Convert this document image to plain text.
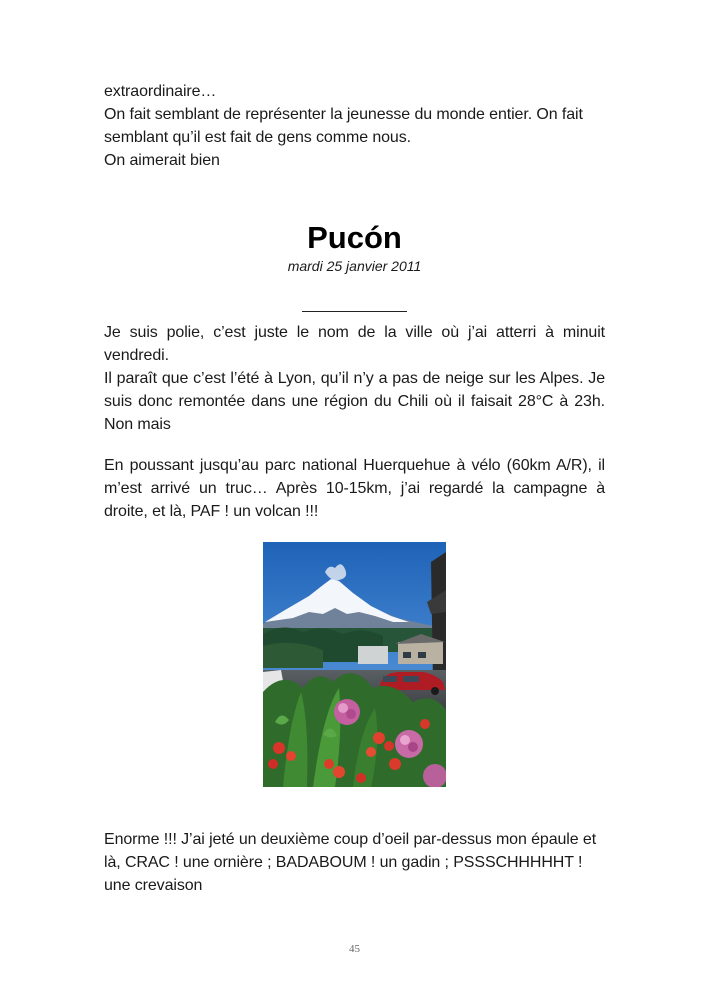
extraordinaire…
On fait semblant de représenter la jeunesse du monde entier. On fait
semblant qu’il est fait de gens comme nous.
On aimerait bien
Pucón
mardi 25 janvier 2011
Je suis polie, c’est juste le nom de la ville où j’ai atterri à minuit
vendredi.
Il paraît que c’est l’été à Lyon, qu’il n’y a pas de neige sur les Alpes. Je
suis donc remontée dans une région du Chili où il faisait 28°C à 23h.
Non mais
En poussant jusqu’au parc national Huerquehue à vélo (60km A/R), il
m’est arrivé un truc… Après 10-15km, j’ai regardé la campagne à
droite, et là, PAF ! un volcan !!!
Enorme !!! J’ai jeté un deuxième coup d’oeil par-dessus mon épaule et
là, CRAC ! une ornière ; BADABOUM ! un gadin ; PSSSCHHHHHT !
une crevaison
45
